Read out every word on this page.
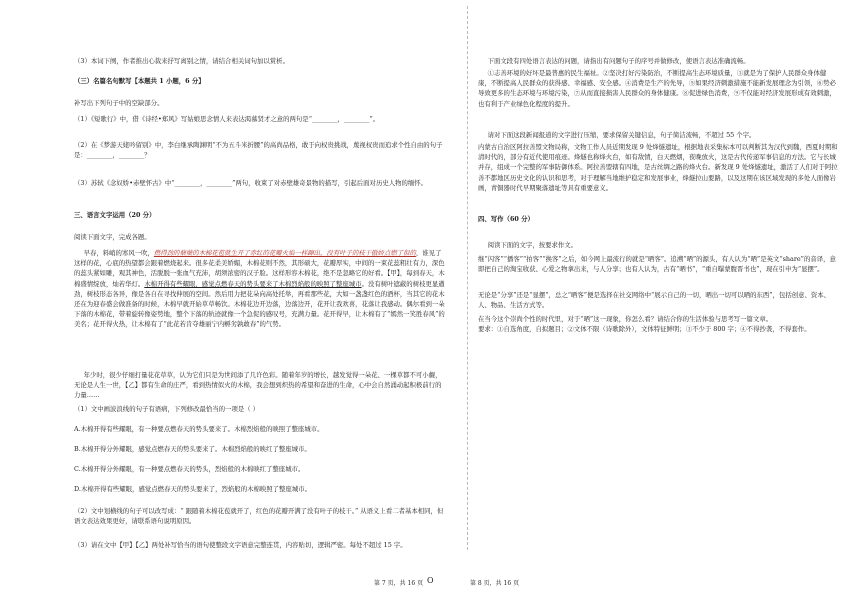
（3）本词下阕，作者推出心裁来抒写离别之情，请结合相关词句加以赏析。

（三）名篇名句默写【本题共 1 小题，6 分】

补写出下列句子中的空缺部分。

（1）《短歌行》中，借《诗经•郑风》写姑娘思念情人来表达渴慕贤才之意的两句是“________，________”。

（2）在《梦游天姥吟留别》中，李白继承陶渊明“不为五斗米折腰”的高尚品格，敢于向权贵挑战，蔑视权贵而追求个性自由的句子是：________，________？

（3）苏轼《念奴娇•赤壁怀古》中“________，________”两句，收束了对赤壁雄奇景物的描写，引起后面对历史人物的缅怀。

三、语言文字运用（20 分）

阅读下面文字，完成各题。

早春，料峭的寒风一吹，燃得劲的蘖蘖的木棉花苞就生开了赤红的花瓣火焰一样蹿出，没有叶子的枝干傲娇点燃了似的，谁见了这样的花，心底的热望都会跟着燃烧起来。很多花柔美娇媚，木棉花则不然，其形硕大，花瓣厚实，中间的一束花蕊粗壮有力，深色的蕊头紧如雕，观其神色，活脱脱一张血气充沛，胡须浓密的汉子脸。这样形容木棉花，绝不是忽略它的好看。【甲】，每到春天，木棉盛情绽放，灿若华灯。木棉开得有些耀眼，感觉点燃春天的势头要来了木棉烈焰般的映照了整座城市。没有树叶遮蔽的树枝更显遒劲，树枝形态各异，像是各自在寻找伸展的空间。然后用力把花朵向高处托举，再看那些花，大如一盏盏红色的酒杯，当其它的花木还在为迎春盛会做准备的时候，木棉早就开始草草畅饮。木棉花边开边落，边落边开，花开让我欢喜，花落让我感动。偶尔看到一朵下落的木棉花，带着旋转像姿势地，整个下落的轨迹就像一个急促的感叹号，充满力量。花开得早，让木棉有了“嫣然一笑胜春风”的美名；花开得火热，让木棉有了“此花若肯夺雄丽宁内孵劣孰敢春”的气势。

年少时，很少仔细打量花花草草，认为它们只是为世间添了几许色彩。随着年岁的增长，越发觉得一朵花、一棵草都不可小觑，无论是人生一世，【乙】都有生命的庄严，看到热情似火的木棉，我会想到炽热的希望和奋进的生命，心中会自然涌动起积极前行的力量……

（1）文中画波浪线的句子有语病，下列修改最恰当的一项是（ ）

A.木棉开得有些耀眼，有一种要点燃春天的势头要来了。木棉烈焰般的映照了整座城市。

B.木棉开得分外耀眼，感觉点燃春天的势头要来了。木棉烈焰般的映红了整座城市。

C.木棉开得分外耀眼，有一种要点燃春天的势头，烈焰般的木棉映红了整座城市。

D.木棉开得有些耀眼，感觉点燃春天的势头要来了，烈焰般的木棉映照了整座城市。

（2）文中划横线的句子可以改写成：“ 跟随着木棉花苞就开了，红色的花瓣开满了没有叶子的枝干。” 从语义上看二者基本相同，但语文表达效果更好，请联系语句说明原因。

（3）请在文中【甲】【乙】两处补写恰当的语句使整段文字语意完整连贯，内容贴切，逻辑严密。每处不超过 15 字。

下面文段有四处语言表达的问题，请指出有问题句子的序号并做修改，使语言表达准确流畅。

①志善环境的好坏是最普惠的民生福祉。②坚决打好污染防治，不断提高生态环境质量，③就是为了保护人民群众身体健康，不断提高人民群众的获得感、幸福感、安全感。④消费是生产的先导，⑤如果经济刺激措施不能新发展理念为引领，⑥势必导致更多的生态环境与环境污染，⑦从而直接损害人民群众的身体健康。⑧促进绿色消费，⑨不仅能对经济发展形成有效刺激，也有利于产业绿色化程度的提升。

请对下面这段新闻报道的文字进行压缩，要求保留关键信息，句子简洁流畅，不超过 55 个字。

内蒙古自治区阿拉善盟文物局称，文物工作人员近期发现 9 处烽燧遗址，根据地表采集标本可以判断其为汉代到魏，西夏时期和清时代的，部分有近代使用痕迹。烽燧也称烽火台，如有敌情，白天燃烟，夜晚放火，这是古代传递军事信息的方法。它与长城并存，组成一个完整的军事防御体系。阿拉善盟辖有四地，是古丝绸之路的烽火台。新发现 9 处烽燧遗址，激活了人们对于阿拉善不都地区历史文化的认识和思考，对于理解当地维护稳定和发展事业，烽燧拉山要路，以及这期在该区域发现的多处人面像岩画，青铜器时代早期聚落遗址等具有重要意义。

四、写作（60 分）

阅读下面的文字，按要求作文。

继“闪客”“播客”“拍客”“换客”之后，如今网上最流行的就是“晒客”。追溯“晒”的源头，有人认为“晒”是英文“share”的音译，意即把自己的淘宝收获、心爱之物拿出来，与人分享；也有人认为，古有“晒书”，“重自曝蒙腹晋书也”，现在引申为“显摆”。

无论是“分享”还是“显摆”，总之“晒客”便是选择在社交网络中“展示自己的一切，晒出一切可以晒的东西”，包括创意、资本、人、物品、生活方式等。

在当今这个崇尚个性的时代里，对于“晒”这一现象，你怎么看？请结合你的生活体验与思考写一篇文章。

要求：①自选角度，自拟题目；②文体不限（诗歌除外），文体特征鲜明；③不少于 800 字；④不得抄袭，不得套作。

第 7 页，共 16 页 O	第 8 页，共 16 页
